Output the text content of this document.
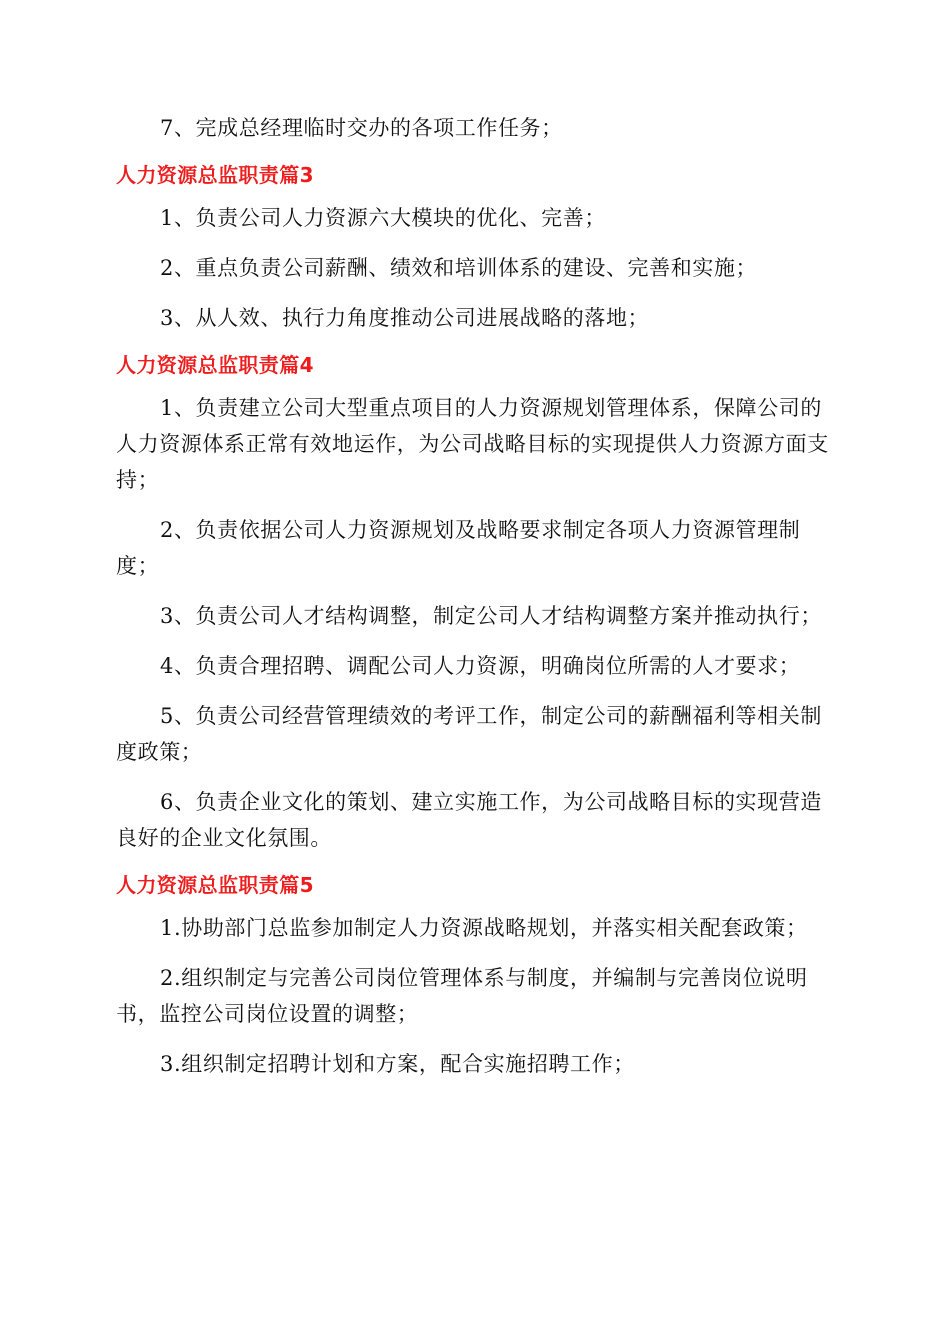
7、完成总经理临时交办的各项工作任务；

人力资源总监职责篇3

1、负责公司人力资源六大模块的优化、完善；

2、重点负责公司薪酬、绩效和培训体系的建设、完善和实施；

3、从人效、执行力角度推动公司进展战略的落地；

人力资源总监职责篇4

1、负责建立公司大型重点项目的人力资源规划管理体系，保障公司的人力资源体系正常有效地运作，为公司战略目标的实现提供人力资源方面支持；

2、负责依据公司人力资源规划及战略要求制定各项人力资源管理制度；

3、负责公司人才结构调整，制定公司人才结构调整方案并推动执行；

4、负责合理招聘、调配公司人力资源，明确岗位所需的人才要求；

5、负责公司经营管理绩效的考评工作，制定公司的薪酬福利等相关制度政策；

6、负责企业文化的策划、建立实施工作，为公司战略目标的实现营造良好的企业文化氛围。

人力资源总监职责篇5

1.协助部门总监参加制定人力资源战略规划，并落实相关配套政策；

2.组织制定与完善公司岗位管理体系与制度，并编制与完善岗位说明书，监控公司岗位设置的调整；

3.组织制定招聘计划和方案，配合实施招聘工作；
